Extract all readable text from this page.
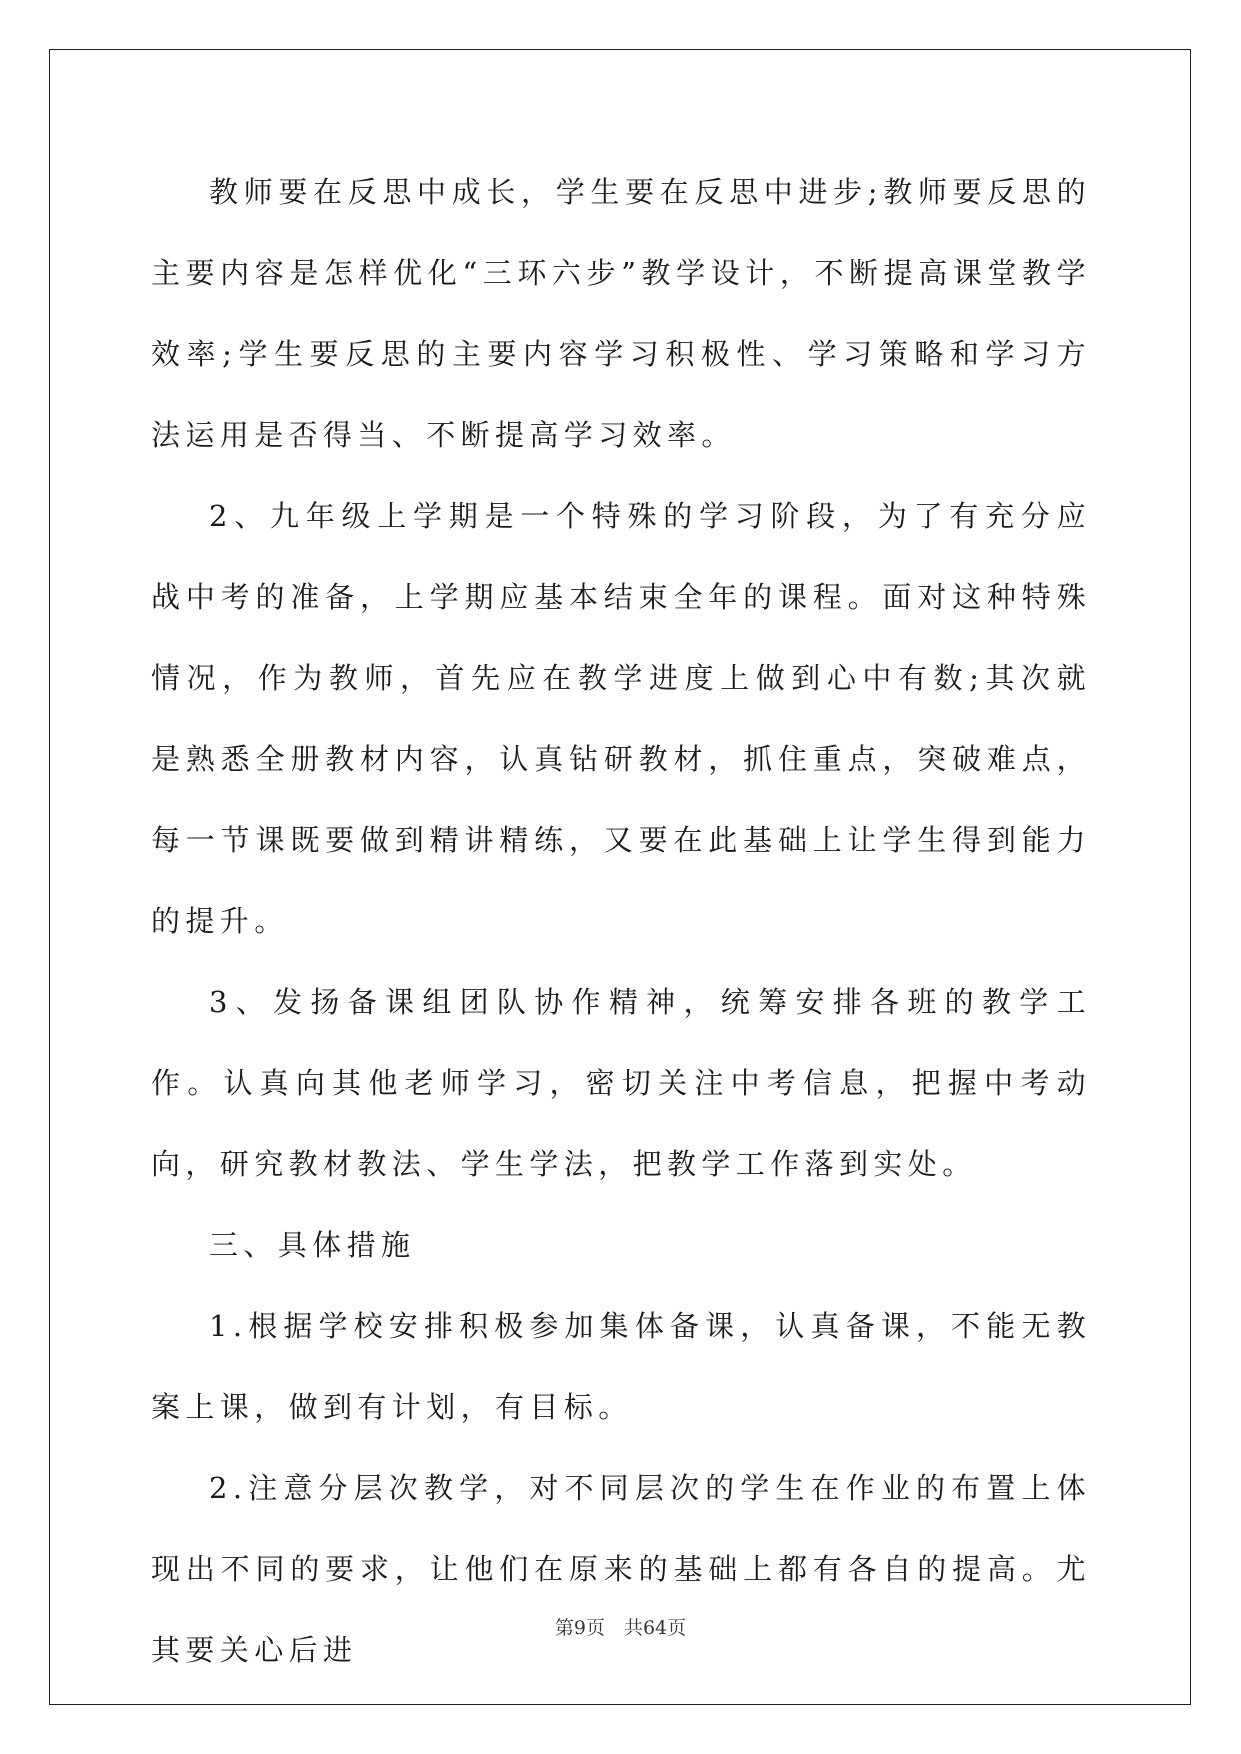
教师要在反思中成长，学生要在反思中进步;教师要反思的主要内容是怎样优化“三环六步”教学设计，不断提高课堂教学效率;学生要反思的主要内容学习积极性、学习策略和学习方法运用是否得当、不断提高学习效率。

2、九年级上学期是一个特殊的学习阶段，为了有充分应战中考的准备，上学期应基本结束全年的课程。面对这种特殊情况，作为教师，首先应在教学进度上做到心中有数;其次就是熟悉全册教材内容，认真钻研教材，抓住重点，突破难点，每一节课既要做到精讲精练，又要在此基础上让学生得到能力的提升。

3、发扬备课组团队协作精神，统筹安排各班的教学工作。认真向其他老师学习，密切关注中考信息，把握中考动向，研究教材教法、学生学法，把教学工作落到实处。

三、具体措施

1.根据学校安排积极参加集体备课，认真备课，不能无教案上课，做到有计划，有目标。

2.注意分层次教学，对不同层次的学生在作业的布置上体现出不同的要求，让他们在原来的基础上都有各自的提高。尤其要关心后进

第9页　共64页
